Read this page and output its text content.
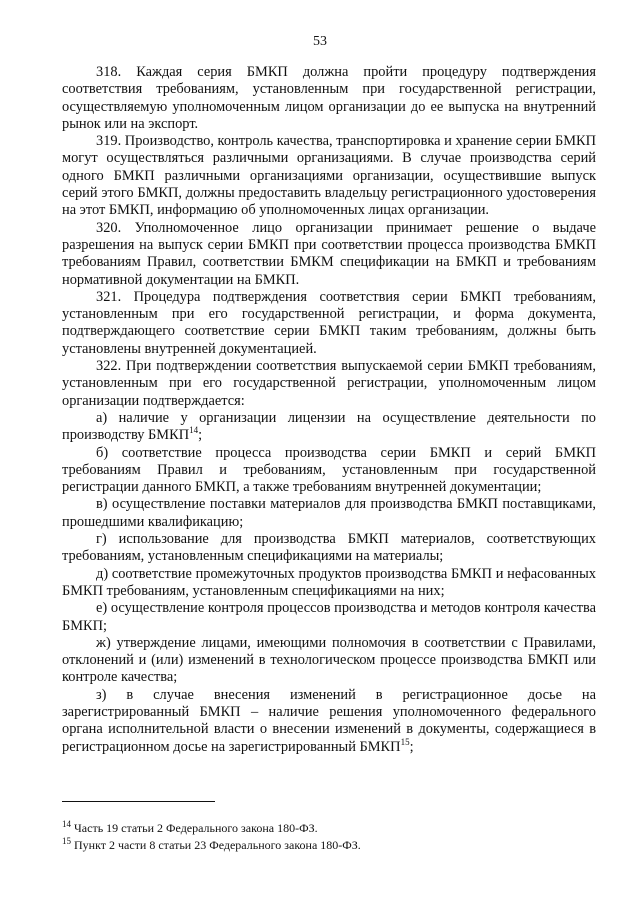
53

318. Каждая серия БМКП должна пройти процедуру подтверждения соответствия требованиям, установленным при государственной регистрации, осуществляемую уполномоченным лицом организации до ее выпуска на внутренний рынок или на экспорт.

319. Производство, контроль качества, транспортировка и хранение серии БМКП могут осуществляться различными организациями. В случае производства серий одного БМКП различными организациями организации, осуществившие выпуск серий этого БМКП, должны предоставить владельцу регистрационного удостоверения на этот БМКП, информацию об уполномоченных лицах организации.

320. Уполномоченное лицо организации принимает решение о выдаче разрешения на выпуск серии БМКП при соответствии процесса производства БМКП требованиям Правил, соответствии БМКМ спецификации на БМКП и требованиям нормативной документации на БМКП.

321. Процедура подтверждения соответствия серии БМКП требованиям, установленным при его государственной регистрации, и форма документа, подтверждающего соответствие серии БМКП таким требованиям, должны быть установлены внутренней документацией.

322. При подтверждении соответствия выпускаемой серии БМКП требованиям, установленным при его государственной регистрации, уполномоченным лицом организации подтверждается:

а) наличие у организации лицензии на осуществление деятельности по производству БМКП$^{14}$;

б) соответствие процесса производства серии БМКП и серий БМКП требованиям Правил и требованиям, установленным при государственной регистрации данного БМКП, а также требованиям внутренней документации;

в) осуществление поставки материалов для производства БМКП поставщиками, прошедшими квалификацию;

г) использование для производства БМКП материалов, соответствующих требованиям, установленным спецификациями на материалы;

д) соответствие промежуточных продуктов производства БМКП и нефасованных БМКП требованиям, установленным спецификациями на них;

е) осуществление контроля процессов производства и методов контроля качества БМКП;

ж) утверждение лицами, имеющими полномочия в соответствии с Правилами, отклонений и (или) изменений в технологическом процессе производства БМКП или контроле качества;

з) в случае внесения изменений в регистрационное досье на зарегистрированный БМКП – наличие решения уполномоченного федерального органа исполнительной власти о внесении изменений в документы, содержащиеся в регистрационном досье на зарегистрированный БМКП$^{15}$;

$^{14}$ Часть 19 статьи 2 Федерального закона 180-ФЗ.

$^{15}$ Пункт 2 части 8 статьи 23 Федерального закона 180-ФЗ.
